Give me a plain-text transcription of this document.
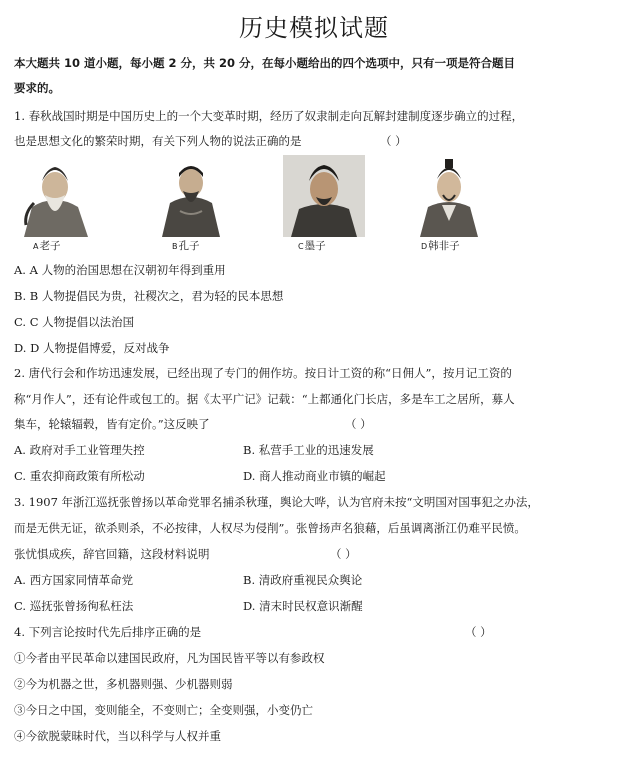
历史模拟试题
本大题共 10 道小题，每小题 2 分，共 20 分，在每小题给出的四个选项中，只有一项是符合题目
要求的。
1. 春秋战国时期是中国历史上的一个大变革时期，经历了奴隶制走向瓦解封建制度逐步确立的过程，
也是思想文化的繁荣时期，有关下列人物的说法正确的是	（ ）
A老子	B孔子	C墨子	D韩非子
A. A 人物的治国思想在汉朝初年得到重用
B. B 人物提倡民为贵，社稷次之，君为轻的民本思想
C. C 人物提倡以法治国
D. D 人物提倡博爱，反对战争
2. 唐代行会和作坊迅速发展，已经出现了专门的佣作坊。按日计工资的称“日佣人”，按月记工资的
称“月作人”，还有论件或包工的。据《太平广记》记载：“上都通化门长店，多是车工之居所，募人
集车，轮辕辐毂，皆有定价。”这反映了	（ ）
A. 政府对手工业管理失控	B. 私营手工业的迅速发展
C. 重农抑商政策有所松动	D. 商人推动商业市镇的崛起
3. 1907 年浙江巡抚张曾扬以革命党罪名捕杀秋瑾，舆论大哗，认为官府未按“文明国对国事犯之办法，
而是无供无证，欲杀则杀，不必按律，人权尽为侵削”。张曾扬声名狼藉，后虽调离浙江仍难平民愤。
张忧惧成疾，辞官回籍，这段材料说明	（ ）
A. 西方国家同情革命党	B. 清政府重视民众舆论
C. 巡抚张曾扬徇私枉法	D. 清末时民权意识渐醒
4. 下列言论按时代先后排序正确的是	（ ）
①今者由平民革命以建国民政府，凡为国民皆平等以有参政权
②今为机器之世，多机器则强、少机器则弱
③今日之中国，变则能全，不变则亡；全变则强，小变仍亡
④今欲脱蒙昧时代，当以科学与人权并重
